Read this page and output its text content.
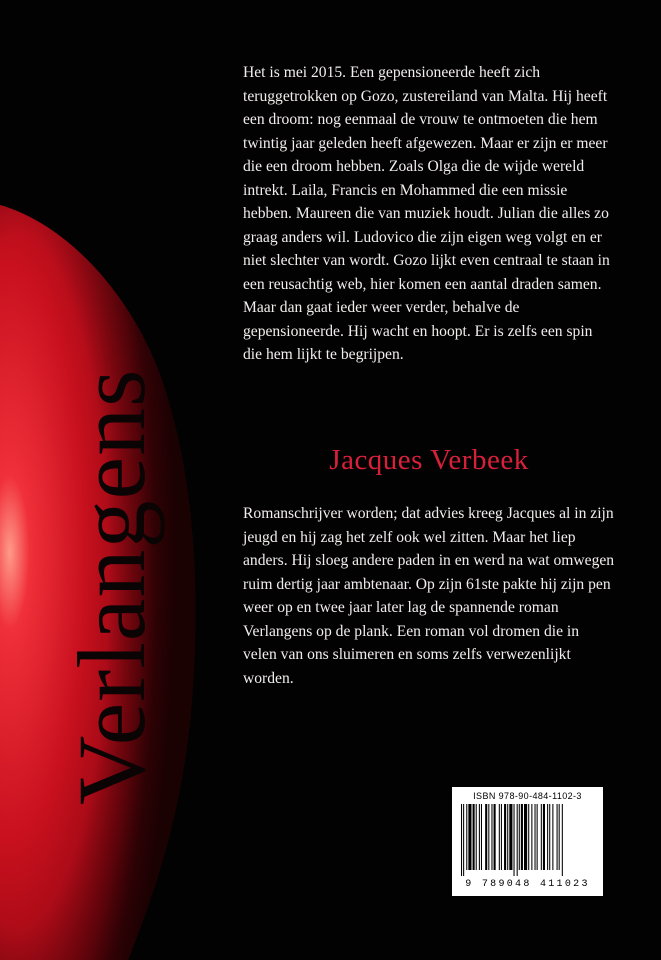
Verlangens

Het is mei 2015. Een gepensioneerde heeft zich teruggetrokken op Gozo, zustereiland van Malta. Hij heeft een droom: nog eenmaal de vrouw te ontmoeten die hem twintig jaar geleden heeft afgewezen. Maar er zijn er meer die een droom hebben. Zoals Olga die de wijde wereld intrekt. Laila, Francis en Mohammed die een missie hebben. Maureen die van muziek houdt. Julian die alles zo graag anders wil. Ludovico die zijn eigen weg volgt en er niet slechter van wordt. Gozo lijkt even centraal te staan in een reusachtig web, hier komen een aantal draden samen. Maar dan gaat ieder weer verder, behalve de gepensioneerde. Hij wacht en hoopt. Er is zelfs een spin die hem lijkt te begrijpen.

Jacques Verbeek

Romanschrijver worden; dat advies kreeg Jacques al in zijn jeugd en hij zag het zelf ook wel zitten. Maar het liep anders. Hij sloeg andere paden in en werd na wat omwegen ruim dertig jaar ambtenaar. Op zijn 61ste pakte hij zijn pen weer op en twee jaar later lag de spannende roman Verlangens op de plank. Een roman vol dromen die in velen van ons sluimeren en soms zelfs verwezenlijkt worden.

ISBN 978-90-484-1102-3
9 789048 411023
